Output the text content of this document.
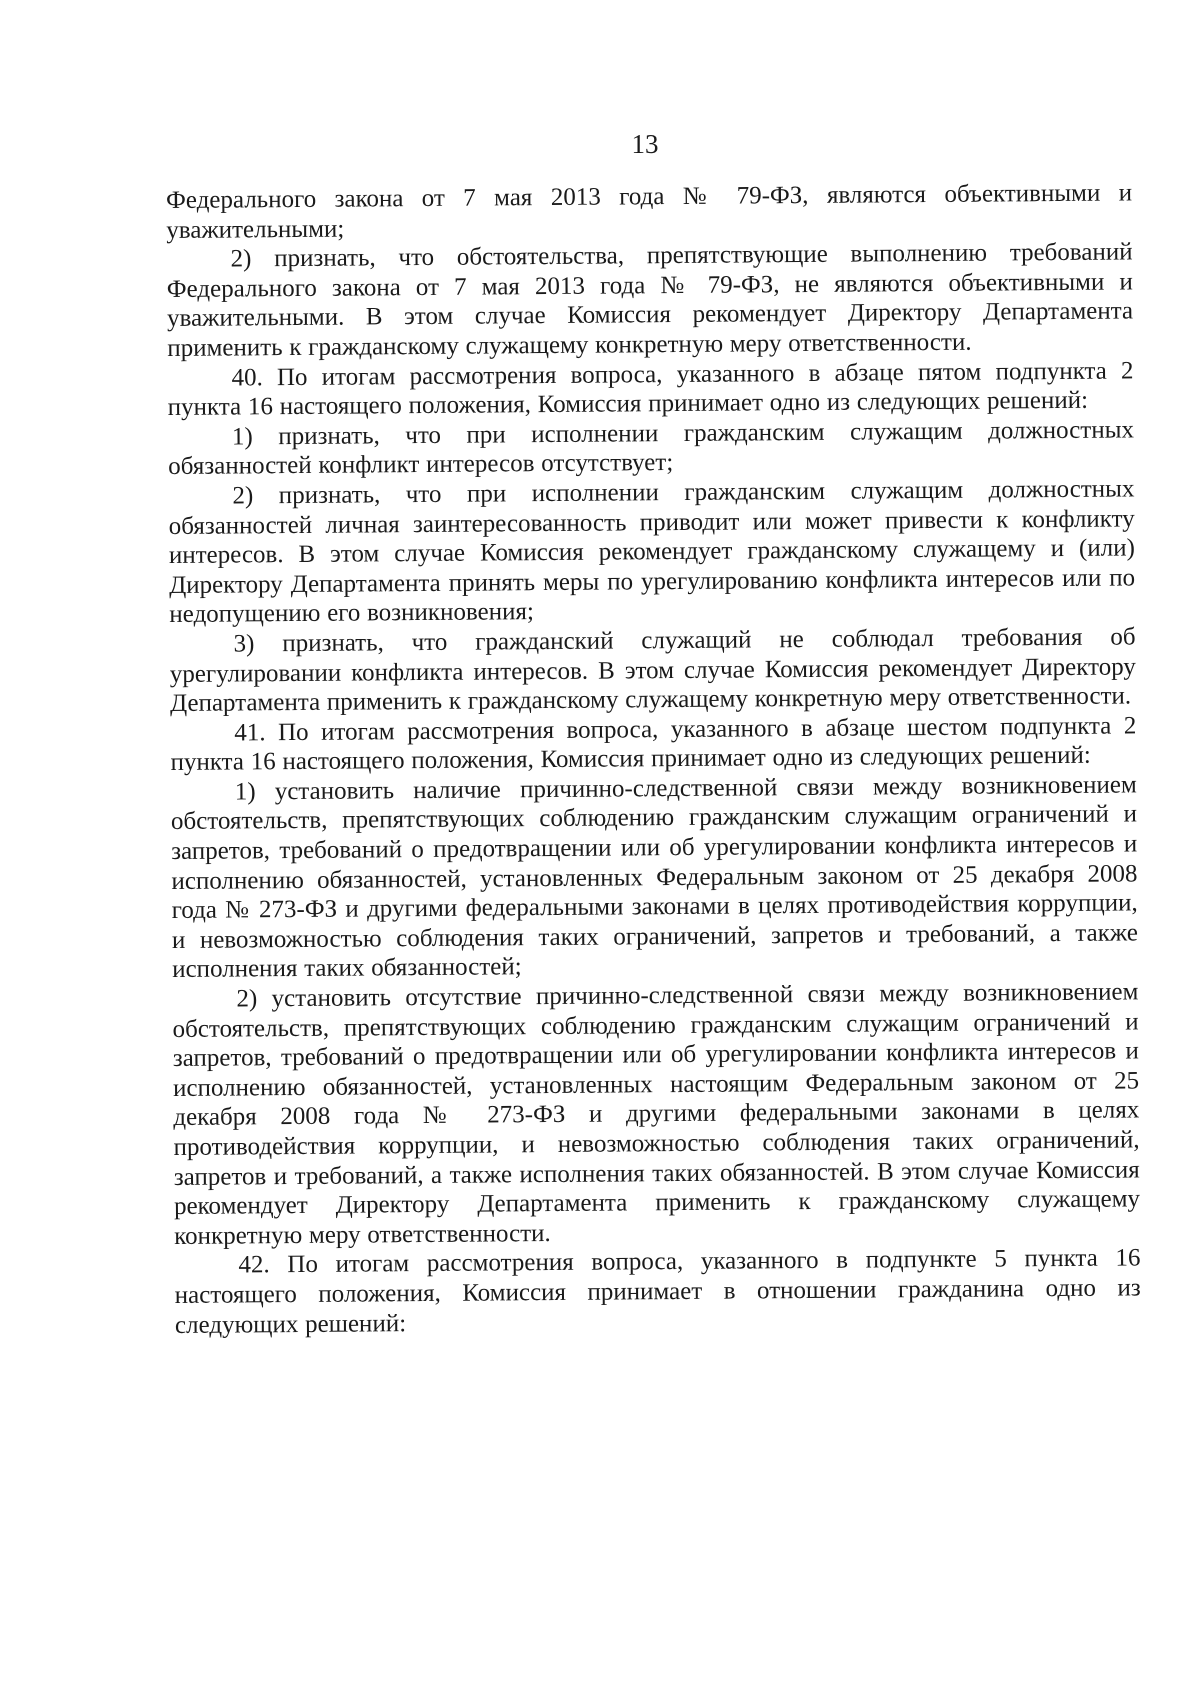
13

Федерального закона от 7 мая 2013 года № 79-ФЗ, являются объективными и уважительными;

2) признать, что обстоятельства, препятствующие выполнению требований Федерального закона от 7 мая 2013 года № 79-ФЗ, не являются объективными и уважительными. В этом случае Комиссия рекомендует Директору Департамента применить к гражданскому служащему конкретную меру ответственности.

40. По итогам рассмотрения вопроса, указанного в абзаце пятом подпункта 2 пункта 16 настоящего положения, Комиссия принимает одно из следующих решений:

1) признать, что при исполнении гражданским служащим должностных обязанностей конфликт интересов отсутствует;

2) признать, что при исполнении гражданским служащим должностных обязанностей личная заинтересованность приводит или может привести к конфликту интересов. В этом случае Комиссия рекомендует гражданскому служащему и (или) Директору Департамента принять меры по урегулированию конфликта интересов или по недопущению его возникновения;

3) признать, что гражданский служащий не соблюдал требования об урегулировании конфликта интересов. В этом случае Комиссия рекомендует Директору Департамента применить к гражданскому служащему конкретную меру ответственности.

41. По итогам рассмотрения вопроса, указанного в абзаце шестом подпункта 2 пункта 16 настоящего положения, Комиссия принимает одно из следующих решений:

1) установить наличие причинно-следственной связи между возникновением обстоятельств, препятствующих соблюдению гражданским служащим ограничений и запретов, требований о предотвращении или об урегулировании конфликта интересов и исполнению обязанностей, установленных Федеральным законом от 25 декабря 2008 года № 273-ФЗ и другими федеральными законами в целях противодействия коррупции, и невозможностью соблюдения таких ограничений, запретов и требований, а также исполнения таких обязанностей;

2) установить отсутствие причинно-следственной связи между возникновением обстоятельств, препятствующих соблюдению гражданским служащим ограничений и запретов, требований о предотвращении или об урегулировании конфликта интересов и исполнению обязанностей, установленных настоящим Федеральным законом от 25 декабря 2008 года № 273-ФЗ и другими федеральными законами в целях противодействия коррупции, и невозможностью соблюдения таких ограничений, запретов и требований, а также исполнения таких обязанностей. В этом случае Комиссия рекомендует Директору Департамента применить к гражданскому служащему конкретную меру ответственности.

42. По итогам рассмотрения вопроса, указанного в подпункте 5 пункта 16 настоящего положения, Комиссия принимает в отношении гражданина одно из следующих решений:
